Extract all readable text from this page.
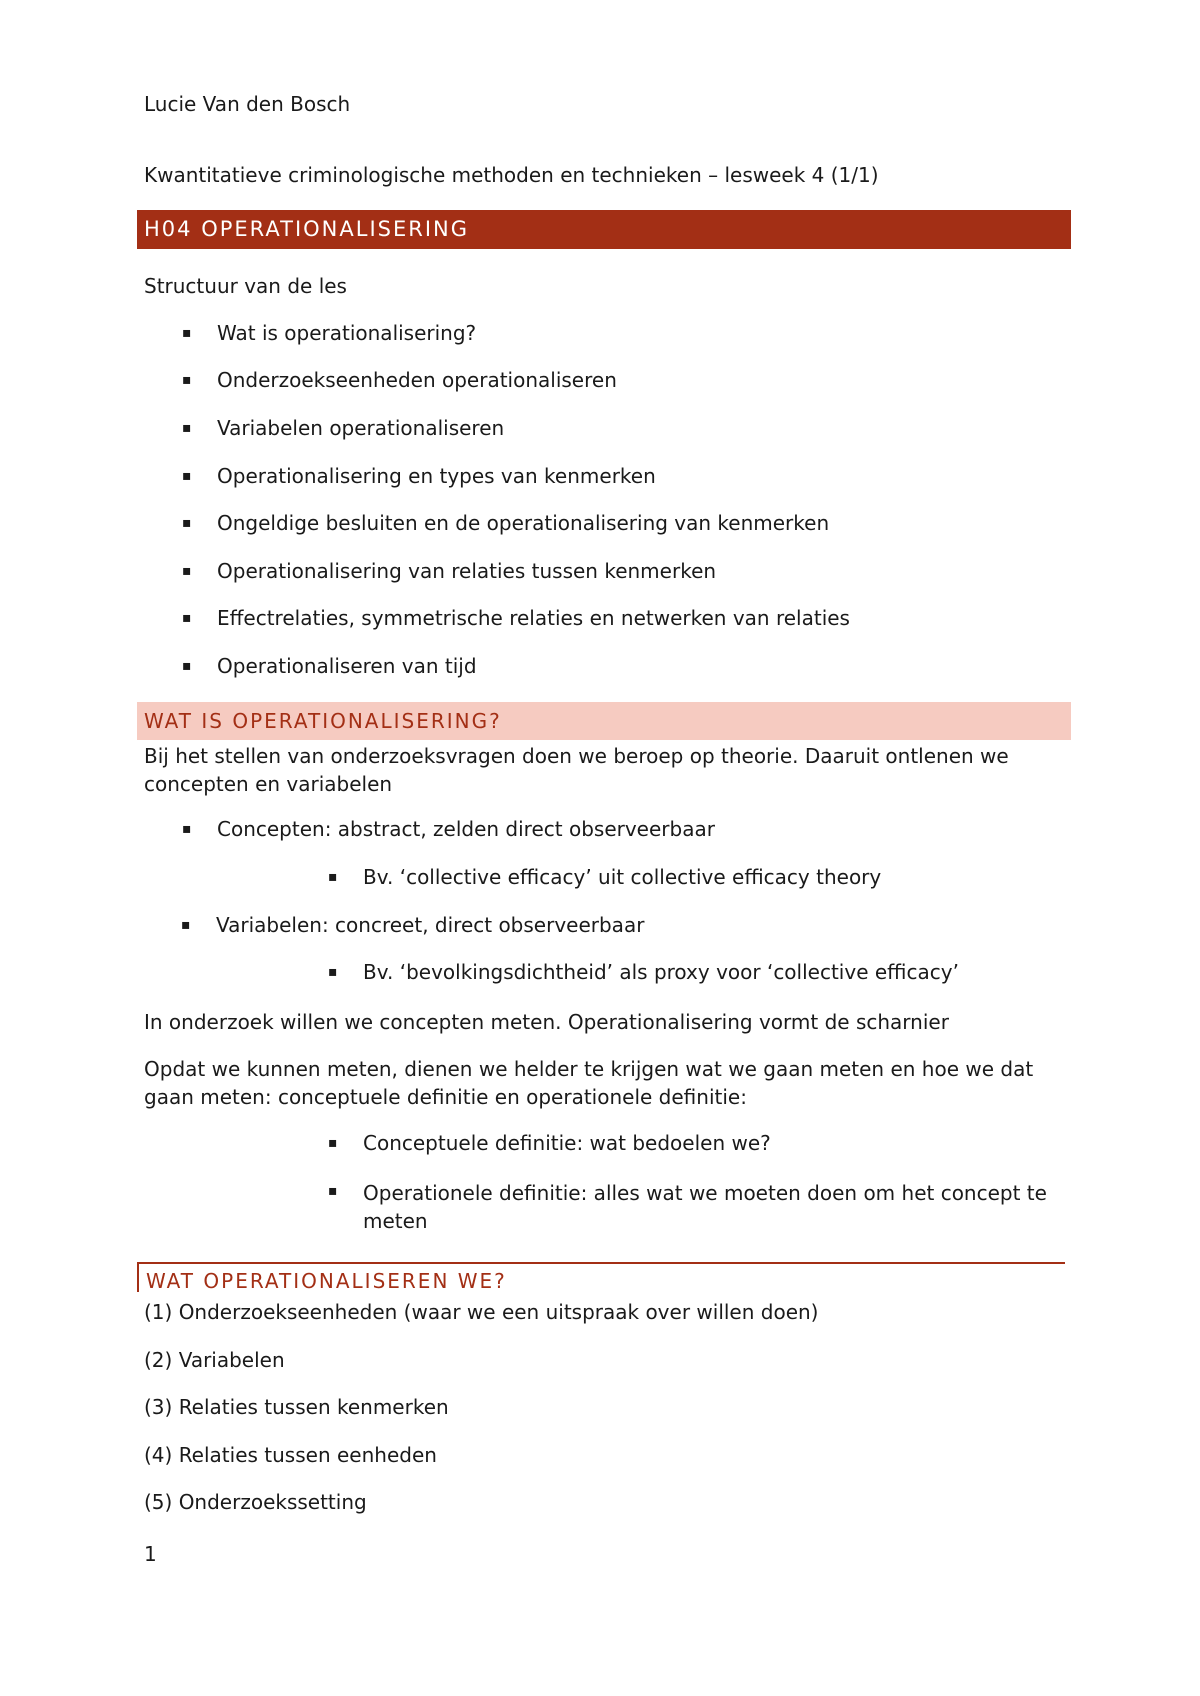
Lucie Van den Bosch
Kwantitatieve criminologische methoden en technieken – lesweek 4 (1/1)
H04 OPERATIONALISERING
Structuur van de les
▪ Wat is operationalisering?
▪ Onderzoekseenheden operationaliseren
▪ Variabelen operationaliseren
▪ Operationalisering en types van kenmerken
▪ Ongeldige besluiten en de operationalisering van kenmerken
▪ Operationalisering van relaties tussen kenmerken
▪ Effectrelaties, symmetrische relaties en netwerken van relaties
▪ Operationaliseren van tijd
WAT IS OPERATIONALISERING?
Bij het stellen van onderzoeksvragen doen we beroep op theorie. Daaruit ontlenen we
concepten en variabelen
▪ Concepten: abstract, zelden direct observeerbaar
▪ Bv. ‘collective efficacy’ uit collective efficacy theory
▪ Variabelen: concreet, direct observeerbaar
▪ Bv. ‘bevolkingsdichtheid’ als proxy voor ‘collective efficacy’
In onderzoek willen we concepten meten. Operationalisering vormt de scharnier
Opdat we kunnen meten, dienen we helder te krijgen wat we gaan meten en hoe we dat
gaan meten: conceptuele definitie en operationele definitie:
▪ Conceptuele definitie: wat bedoelen we?
▪ Operationele definitie: alles wat we moeten doen om het concept te
meten
WAT OPERATIONALISEREN WE?
(1) Onderzoekseenheden (waar we een uitspraak over willen doen)
(2) Variabelen
(3) Relaties tussen kenmerken
(4) Relaties tussen eenheden
(5) Onderzoekssetting
1
